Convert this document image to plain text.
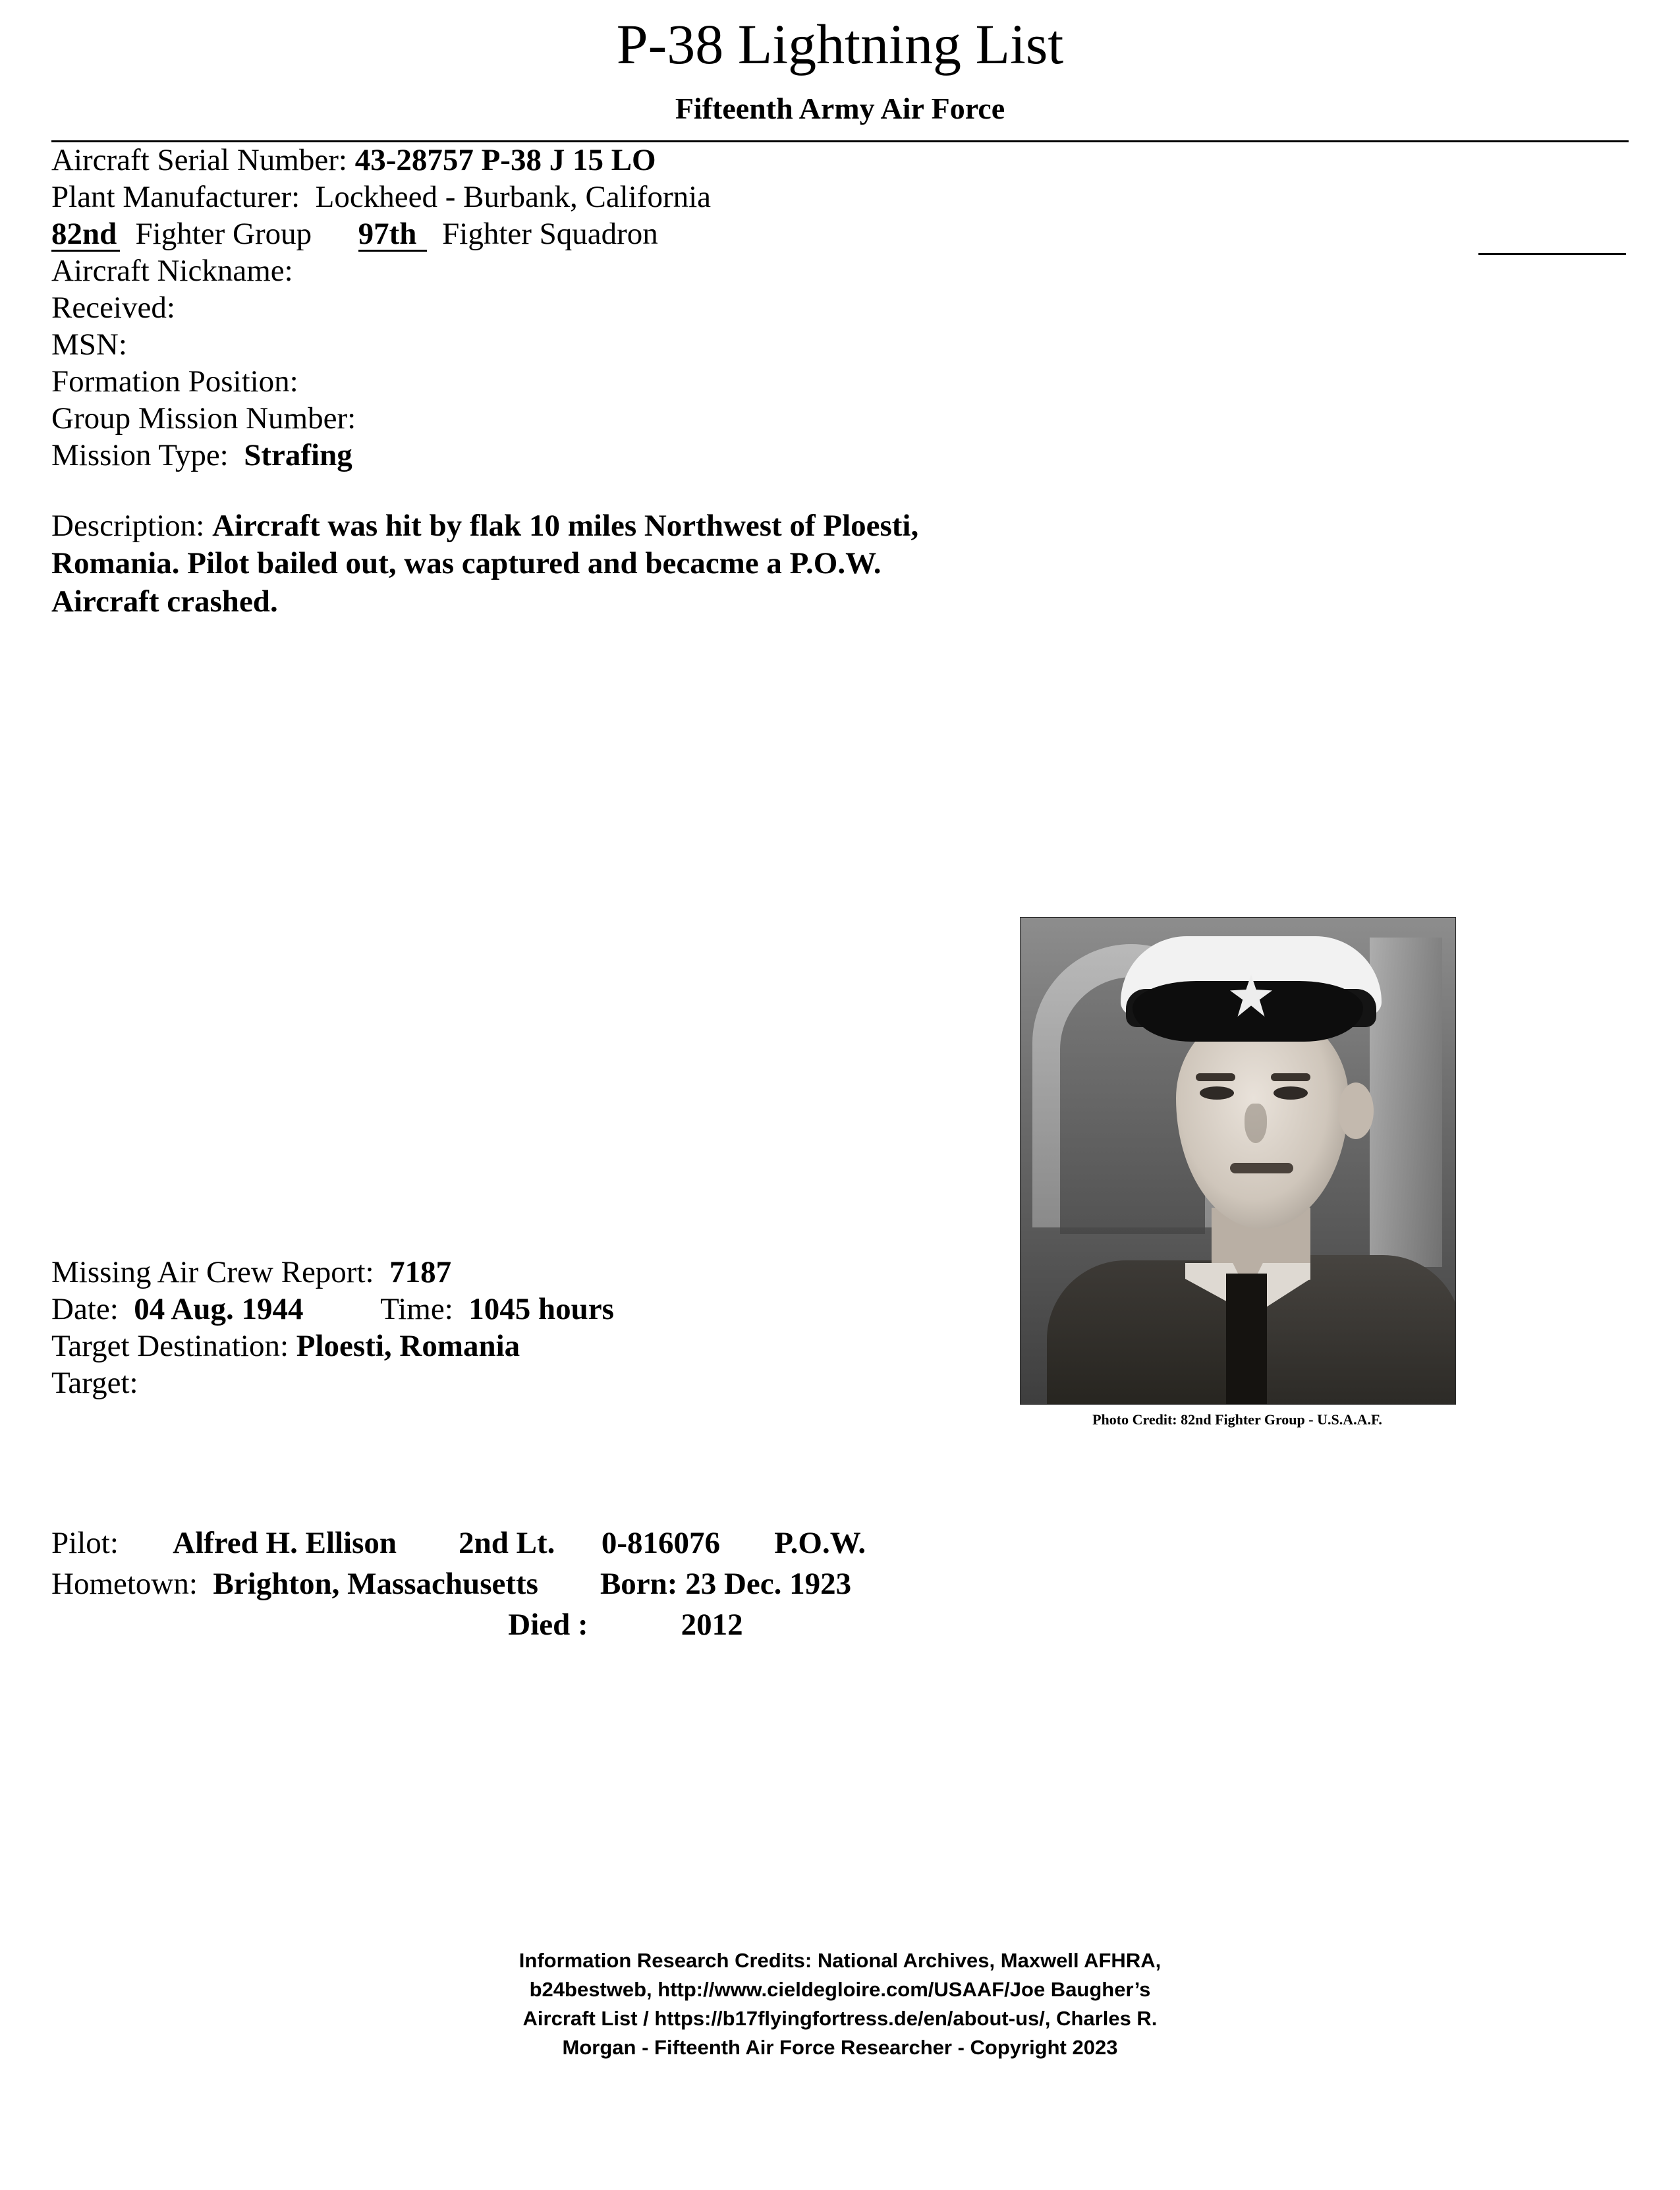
P-38 Lightning List
Fifteenth Army Air Force
Aircraft Serial Number: 43-28757 P-38 J 15 LO
Plant Manufacturer: Lockheed - Burbank, California
82nd Fighter Group 97th Fighter Squadron
Aircraft Nickname:
Received:
MSN:
Formation Position:
Group Mission Number:
Mission Type: Strafing
Description: Aircraft was hit by flak 10 miles Northwest of Ploesti,
Romania. Pilot bailed out, was captured and becacme a P.O.W.
Aircraft crashed.
Photo Credit: 82nd Fighter Group - U.S.A.A.F.
Missing Air Crew Report: 7187
Date: 04 Aug. 1944 Time: 1045 hours
Target Destination: Ploesti, Romania
Target:
Pilot: Alfred H. Ellison 2nd Lt. 0-816076 P.O.W.
Hometown: Brighton, Massachusetts Born: 23 Dec. 1923
Died :	2012
Information Research Credits: National Archives, Maxwell AFHRA,
b24bestweb, http://www.cieldegloire.com/USAAF/Joe Baugher’s
Aircraft List / https://b17flyingfortress.de/en/about-us/, Charles R.
Morgan - Fifteenth Air Force Researcher - Copyright 2023
